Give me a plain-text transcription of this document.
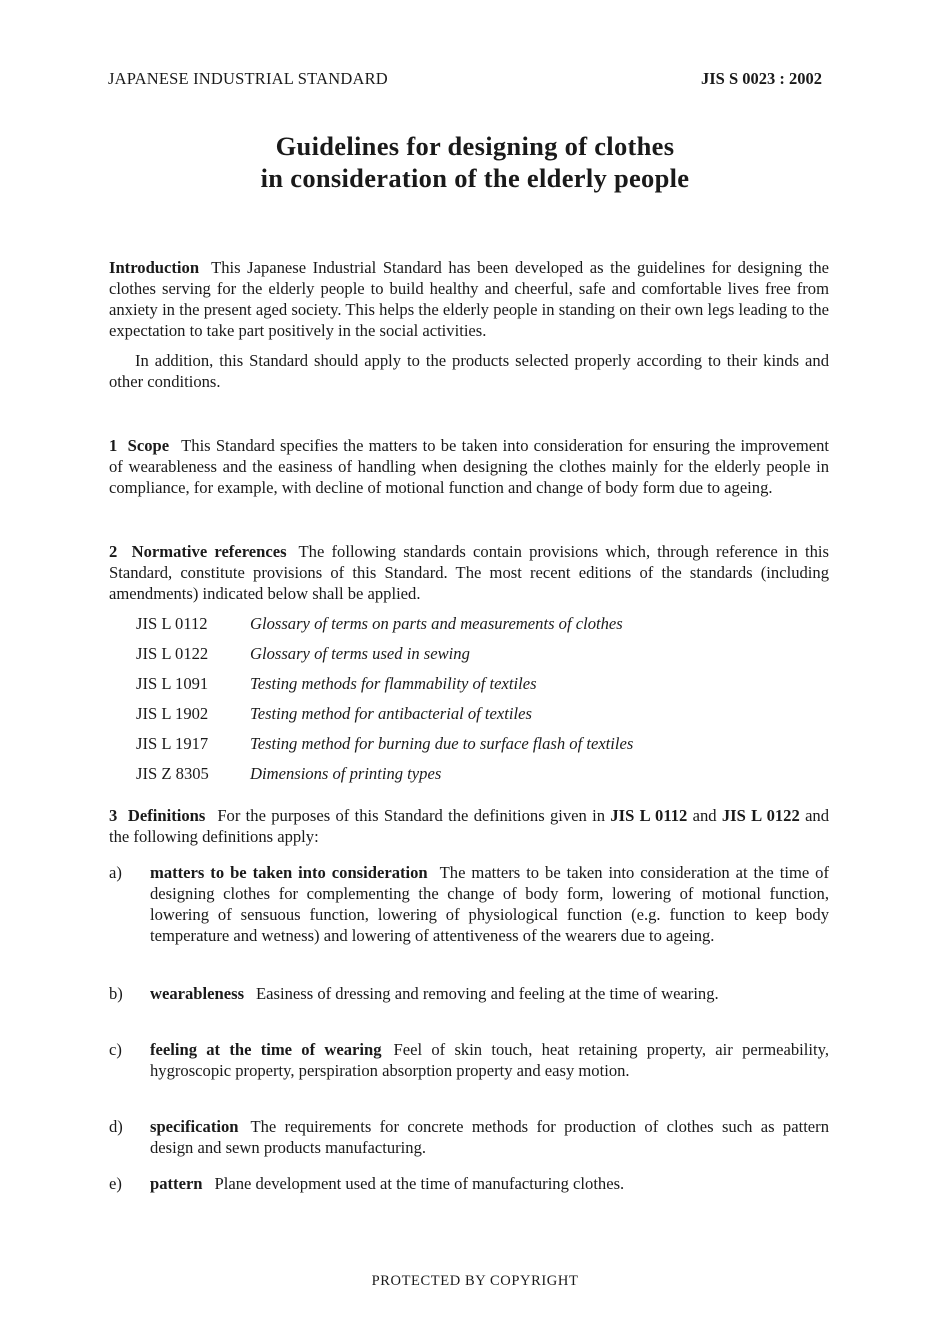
JAPANESE INDUSTRIAL STANDARD	JIS S 0023 : 2002
Guidelines for designing of clothes
in consideration of the elderly people
Introduction This Japanese Industrial Standard has been developed as the guidelines for designing the clothes serving for the elderly people to build healthy and cheerful, safe and comfortable lives free from anxiety in the present aged society. This helps the elderly people in standing on their own legs leading to the expectation to take part positively in the social activities.
In addition, this Standard should apply to the products selected properly according to their kinds and other conditions.
1 Scope This Standard specifies the matters to be taken into consideration for ensuring the improvement of wearableness and the easiness of handling when designing the clothes mainly for the elderly people in compliance, for example, with decline of motional function and change of body form due to ageing.
2 Normative references The following standards contain provisions which, through reference in this Standard, constitute provisions of this Standard. The most recent editions of the standards (including amendments) indicated below shall be applied.
JIS L 0112	Glossary of terms on parts and measurements of clothes
JIS L 0122	Glossary of terms used in sewing
JIS L 1091	Testing methods for flammability of textiles
JIS L 1902	Testing method for antibacterial of textiles
JIS L 1917	Testing method for burning due to surface flash of textiles
JIS Z 8305 Dimensions of printing types
3 Definitions For the purposes of this Standard the definitions given in JIS L 0112 and JIS L 0122 and the following definitions apply:
a)	matters to be taken into consideration The matters to be taken into consideration at the time of designing clothes for complementing the change of body form, lowering of motional function, lowering of sensuous function, lowering of physiological function (e.g. function to keep body temperature and wetness) and lowering of attentiveness of the wearers due to ageing.
b)	wearableness Easiness of dressing and removing and feeling at the time of wearing.
c)	feeling at the time of wearing Feel of skin touch, heat retaining property, air permeability, hygroscopic property, perspiration absorption property and easy motion.
d)	specification The requirements for concrete methods for production of clothes such as pattern design and sewn products manufacturing.
e)	pattern Plane development used at the time of manufacturing clothes.
PROTECTED BY COPYRIGHT
